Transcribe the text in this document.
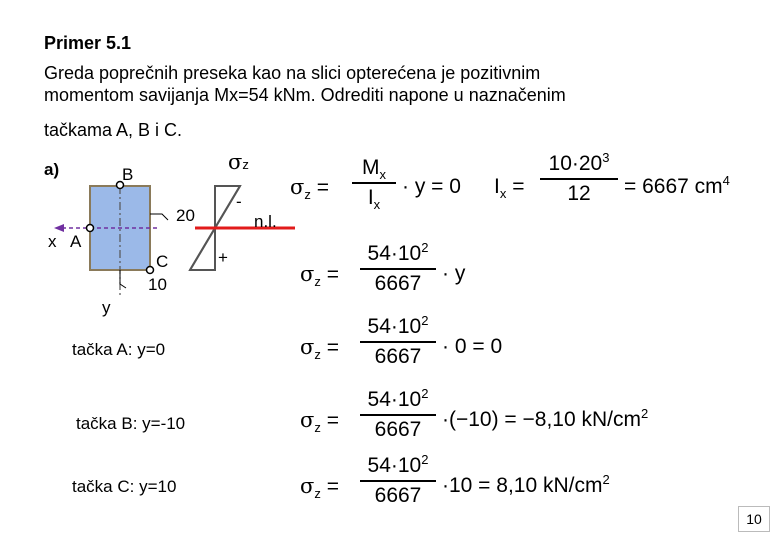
Primer 5.1
Greda poprečnih preseka kao na slici opterećena je pozitivnim
momentom savijanja Mx=54 kNm. Odrediti napone u naznačenim
tačkama A, B i C.
a)	B
x A
y
C
20
10
σz
-
+
n.l.
$\sigma_z$ =
$M_x$
$I_x$
· y = 0 $I_x$ =
$10\cdot 20^3$
12 = 6667 $cm^4$
$\sigma_z$ =
$54\cdot 10^2$
6667 · y
tačka A: y=0	$\sigma_z$ =
$54\cdot 10^2$
6667 · 0 = 0
tačka B: y=-10	$\sigma_z$ =
$54\cdot 10^2$
6667 ·(−10) = −8,10 $kN/cm^2$
tačka C: y=10	$\sigma_z$ =
$54\cdot 10^2$
6667 ·10 = 8,10 $kN/cm^2$
10
